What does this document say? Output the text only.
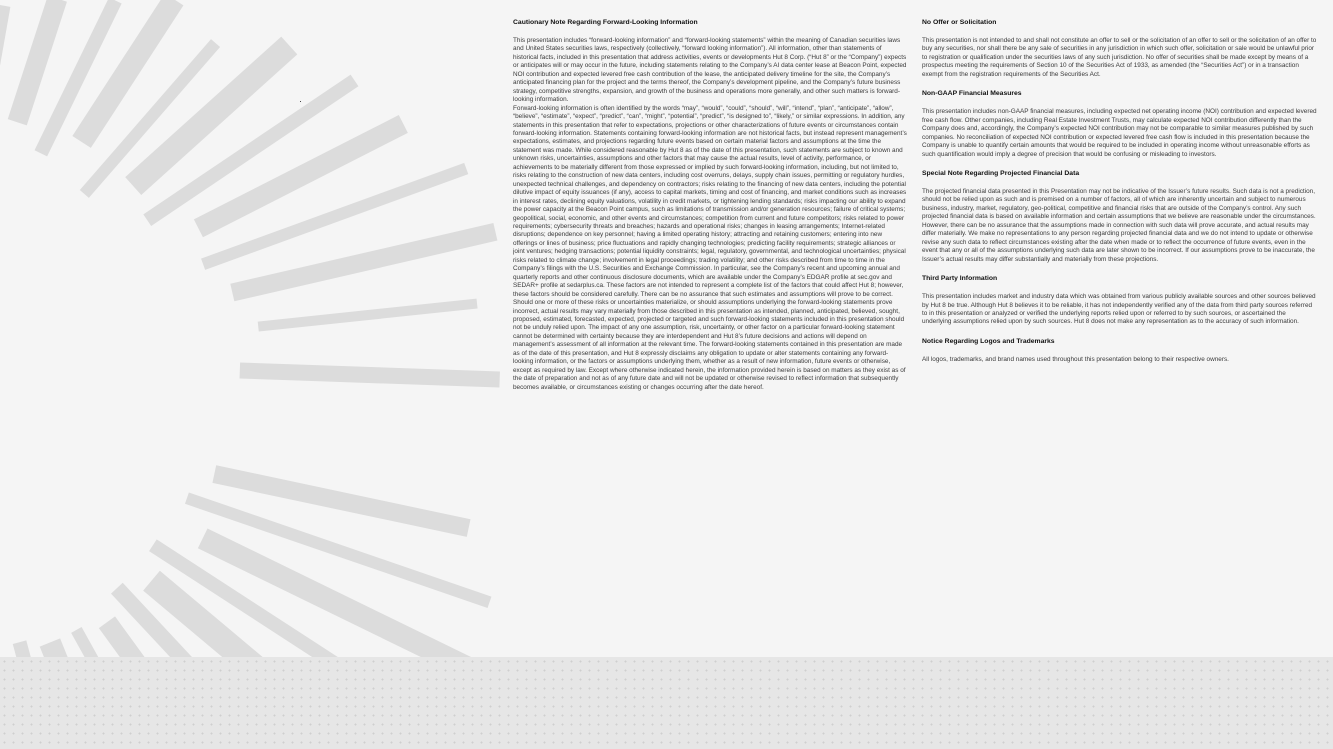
Cautionary Note Regarding Forward-Looking Information

This presentation includes “forward-looking information” and “forward-looking statements” within the meaning of Canadian securities laws and United States securities laws, respectively (collectively, “forward looking information”). All information, other than statements of historical facts, included in this presentation that address activities, events or developments Hut 8 Corp. (“Hut 8” or the “Company”) expects or anticipates will or may occur in the future, including statements relating to the Company’s AI data center lease at Beacon Point, expected NOI contribution and expected levered free cash contribution of the lease, the anticipated delivery timeline for the site, the Company’s anticipated financing plan for the project and the terms thereof, the Company’s development pipeline, and the Company’s future business strategy, competitive strengths, expansion, and growth of the business and operations more generally, and other such matters is forward-looking information.

Forward-looking information is often identified by the words “may”, “would”, “could”, “should”, “will”, “intend”, “plan”, “anticipate”, “allow”, “believe”, “estimate”, “expect”, “predict”, “can”, “might”, “potential”, “predict”, “is designed to”, “likely,” or similar expressions. In addition, any statements in this presentation that refer to expectations, projections or other characterizations of future events or circumstances contain forward-looking information. Statements containing forward-looking information are not historical facts, but instead represent management’s expectations, estimates, and projections regarding future events based on certain material factors and assumptions at the time the statement was made. While considered reasonable by Hut 8 as of the date of this presentation, such statements are subject to known and unknown risks, uncertainties, assumptions and other factors that may cause the actual results, level of activity, performance, or achievements to be materially different from those expressed or implied by such forward-looking information, including, but not limited to, risks relating to the construction of new data centers, including cost overruns, delays, supply chain issues, permitting or regulatory hurdles, unexpected technical challenges, and dependency on contractors; risks relating to the financing of new data centers, including the potential dilutive impact of equity issuances (if any), access to capital markets, timing and cost of financing, and market conditions such as increases in interest rates, declining equity valuations, volatility in credit markets, or tightening lending standards; risks impacting our ability to expand the power capacity at the Beacon Point campus, such as limitations of transmission and/or generation resources; failure of critical systems; geopolitical, social, economic, and other events and circumstances; competition from current and future competitors; risks related to power requirements; cybersecurity threats and breaches; hazards and operational risks; changes in leasing arrangements; Internet-related disruptions; dependence on key personnel; having a limited operating history; attracting and retaining customers; entering into new offerings or lines of business; price fluctuations and rapidly changing technologies; predicting facility requirements; strategic alliances or joint ventures; hedging transactions; potential liquidity constraints; legal, regulatory, governmental, and technological uncertainties; physical risks related to climate change; involvement in legal proceedings; trading volatility; and other risks described from time to time in the Company’s filings with the U.S. Securities and Exchange Commission. In particular, see the Company’s recent and upcoming annual and quarterly reports and other continuous disclosure documents, which are available under the Company’s EDGAR profile at sec.gov and SEDAR+ profile at sedarplus.ca. These factors are not intended to represent a complete list of the factors that could affect Hut 8; however, these factors should be considered carefully. There can be no assurance that such estimates and assumptions will prove to be correct. Should one or more of these risks or uncertainties materialize, or should assumptions underlying the forward-looking statements prove incorrect, actual results may vary materially from those described in this presentation as intended, planned, anticipated, believed, sought, proposed, estimated, forecasted, expected, projected or targeted and such forward-looking statements included in this presentation should not be unduly relied upon. The impact of any one assumption, risk, uncertainty, or other factor on a particular forward-looking statement cannot be determined with certainty because they are interdependent and Hut 8’s future decisions and actions will depend on management’s assessment of all information at the relevant time. The forward-looking statements contained in this presentation are made as of the date of this presentation, and Hut 8 expressly disclaims any obligation to update or alter statements containing any forward-looking information, or the factors or assumptions underlying them, whether as a result of new information, future events or otherwise, except as required by law. Except where otherwise indicated herein, the information provided herein is based on matters as they exist as of the date of preparation and not as of any future date and will not be updated or otherwise revised to reflect information that subsequently becomes available, or circumstances existing or changes occurring after the date hereof.

No Offer or Solicitation

This presentation is not intended to and shall not constitute an offer to sell or the solicitation of an offer to sell or the solicitation of an offer to buy any securities, nor shall there be any sale of securities in any jurisdiction in which such offer, solicitation or sale would be unlawful prior to registration or qualification under the securities laws of any such jurisdiction. No offer of securities shall be made except by means of a prospectus meeting the requirements of Section 10 of the Securities Act of 1933, as amended (the “Securities Act”) or in a transaction exempt from the registration requirements of the Securities Act.

Non-GAAP Financial Measures

This presentation includes non-GAAP financial measures, including expected net operating income (NOI) contribution and expected levered free cash flow. Other companies, including Real Estate Investment Trusts, may calculate expected NOI contribution differently than the Company does and, accordingly, the Company’s expected NOI contribution may not be comparable to similar measures published by such companies. No reconciliation of expected NOI contribution or expected levered free cash flow is included in this presentation because the Company is unable to quantify certain amounts that would be required to be included in operating income without unreasonable efforts as such quantification would imply a degree of precision that would be confusing or misleading to investors.

Special Note Regarding Projected Financial Data

The projected financial data presented in this Presentation may not be indicative of the Issuer’s future results. Such data is not a prediction, should not be relied upon as such and is premised on a number of factors, all of which are inherently uncertain and subject to numerous business, industry, market, regulatory, geo-political, competitive and financial risks that are outside of the Company’s control. Any such projected financial data is based on available information and certain assumptions that we believe are reasonable under the circumstances. However, there can be no assurance that the assumptions made in connection with such data will prove accurate, and actual results may differ materially. We make no representations to any person regarding projected financial data and we do not intend to update or otherwise revise any such data to reflect circumstances existing after the date when made or to reflect the occurrence of future events, even in the event that any or all of the assumptions underlying such data are later shown to be incorrect. If our assumptions prove to be inaccurate, the Issuer’s actual results may differ substantially and materially from these projections.

Third Party Information

This presentation includes market and industry data which was obtained from various publicly available sources and other sources believed by Hut 8 be true. Although Hut 8 believes it to be reliable, it has not independently verified any of the data from third party sources referred to in this presentation or analyzed or verified the underlying reports relied upon or referred to by such sources, or ascertained the underlying assumptions relied upon by such sources. Hut 8 does not make any representation as to the accuracy of such information.

Notice Regarding Logos and Trademarks

All logos, trademarks, and brand names used throughout this presentation belong to their respective owners.
